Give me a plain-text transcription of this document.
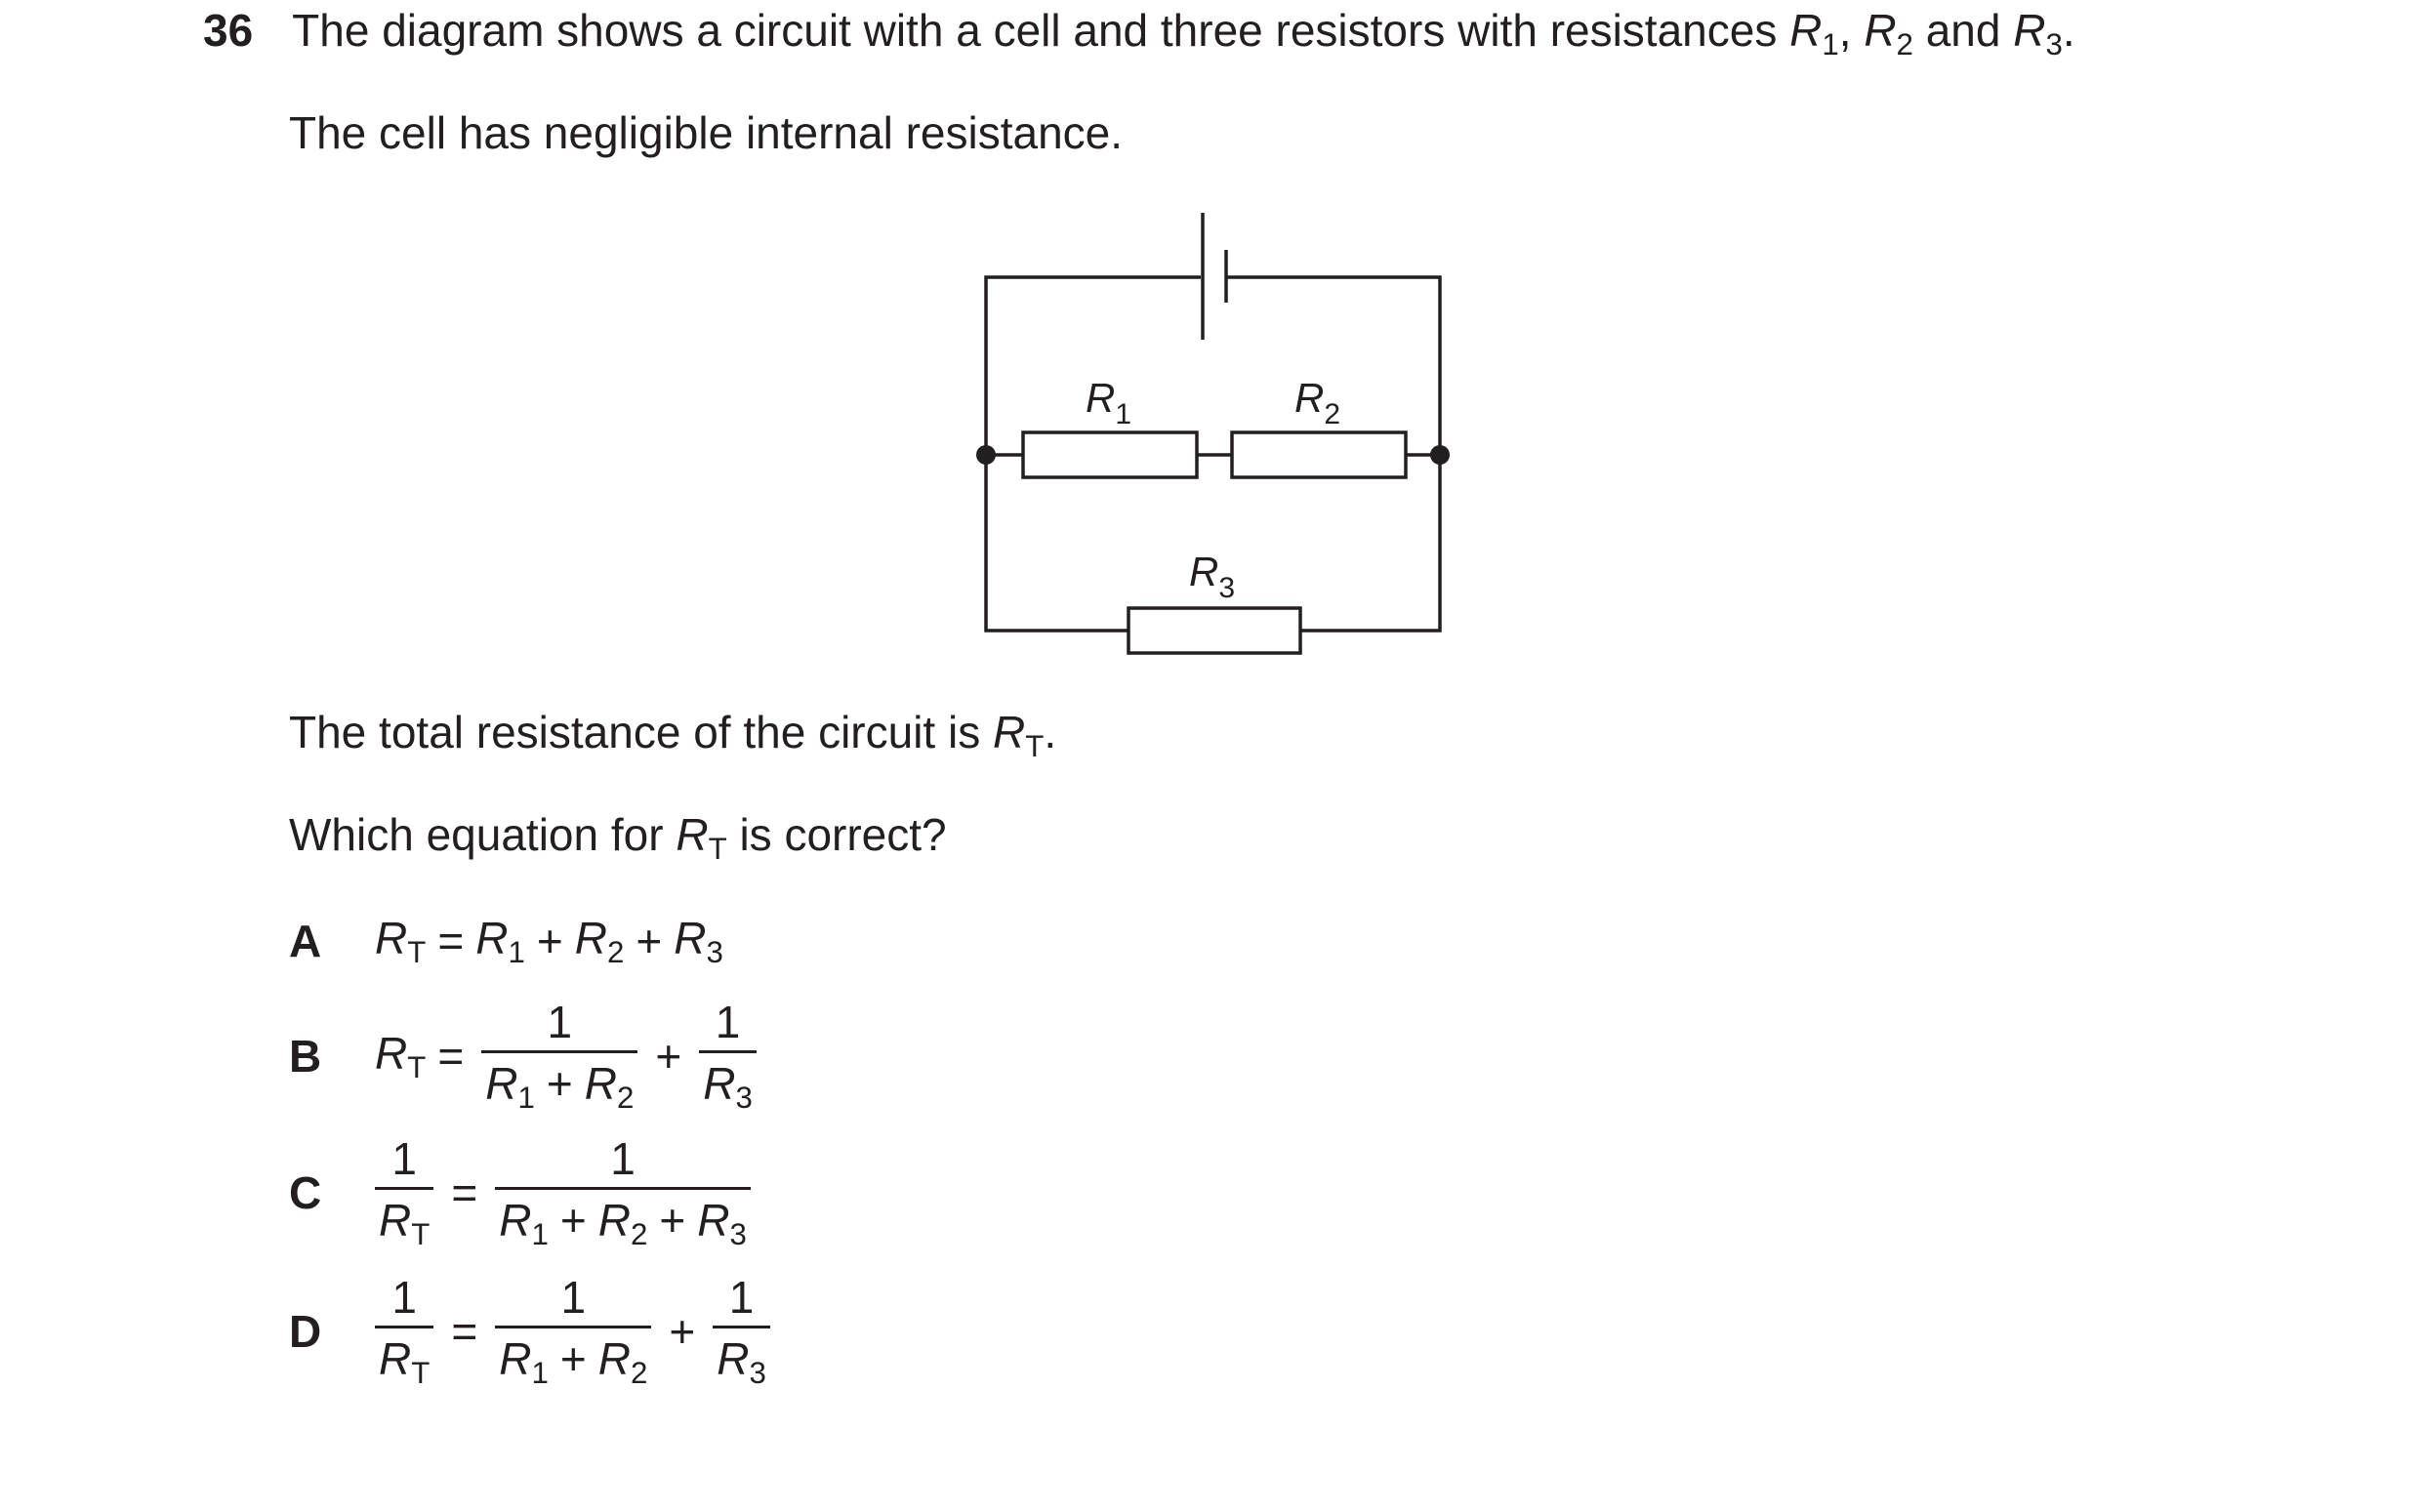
36 The diagram shows a circuit with a cell and three resistors with resistances $R_1$, $R_2$ and $R_3$.
The cell has negligible internal resistance.
$R_1$	$R_2$
$R_3$
The total resistance of the circuit is $R_T$.
Which equation for $R_T$ is correct?
A	$R_T = R_1 + R_2 + R_3$
B	$R_T = \frac{1}{R_1 + R_2} + \frac{1}{R_3}$
C	$\frac{1}{R_T} = \frac{1}{R_1 + R_2 + R_3}$
D	$\frac{1}{R_T} = \frac{1}{R_1 + R_2} + \frac{1}{R_3}$
